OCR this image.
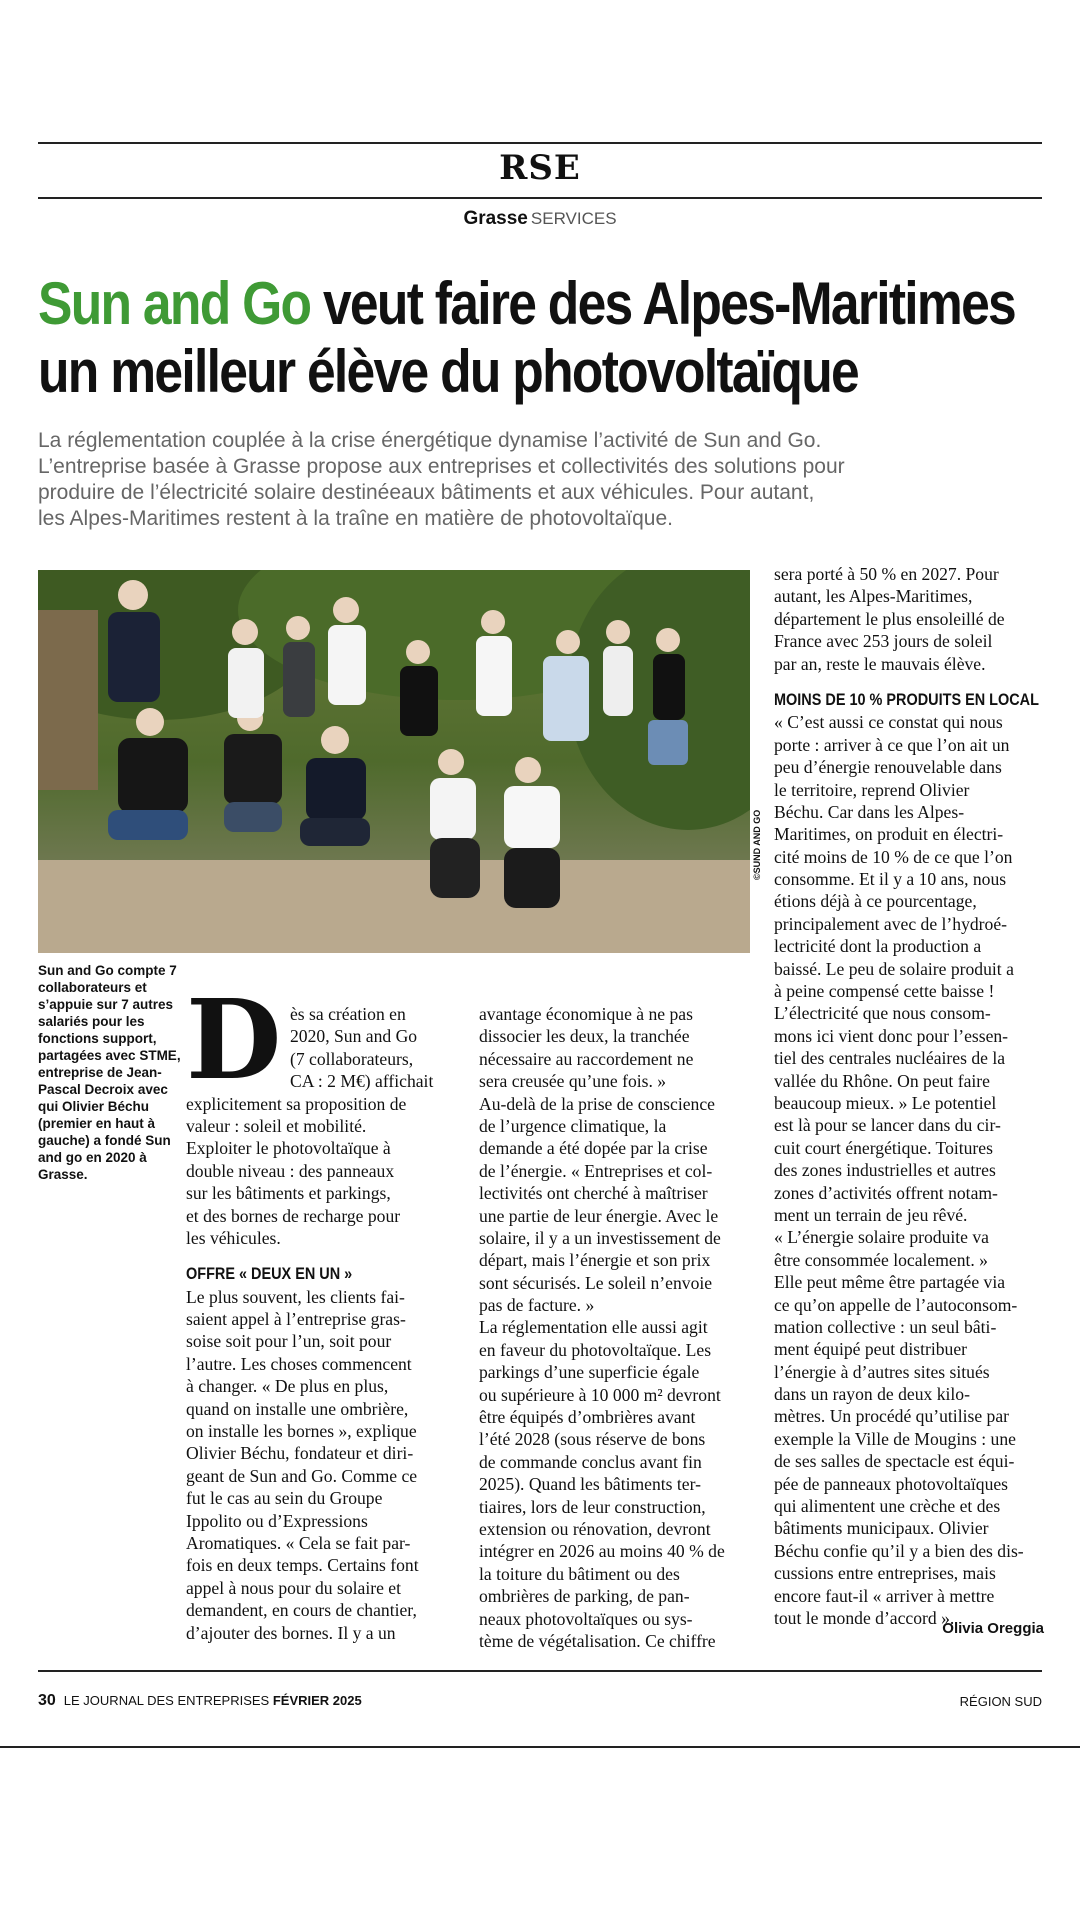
RSE
Grasse SERVICES
Sun and Go veut faire des Alpes-Maritimes
un meilleur élève du photovoltaïque
La réglementation couplée à la crise énergétique dynamise l’activité de Sun and Go.
L’entreprise basée à Grasse propose aux entreprises et collectivités des solutions pour
produire de l’électricité solaire destinéeaux bâtiments et aux véhicules. Pour autant,
les Alpes-Maritimes restent à la traîne en matière de photovoltaïque.
©SUND AND GO
Sun and Go compte 7 collaborateurs et s’appuie sur 7 autres salariés pour les fonctions support, partagées avec STME, entreprise de Jean-Pascal Decroix avec qui Olivier Béchu (premier en haut à gauche) a fondé Sun and go en 2020 à Grasse.
D ès sa création en
2020, Sun and Go
(7 collaborateurs,
CA : 2 M€) affichait
explicitement sa proposition de
valeur : soleil et mobilité.
Exploiter le photovoltaïque à
double niveau : des panneaux
sur les bâtiments et parkings,
et des bornes de recharge pour
les véhicules.
OFFRE « DEUX EN UN »
Le plus souvent, les clients fai-
saient appel à l’entreprise gras-
soise soit pour l’un, soit pour
l’autre. Les choses commencent
à changer. « De plus en plus,
quand on installe une ombrière,
on installe les bornes », explique
Olivier Béchu, fondateur et diri-
geant de Sun and Go. Comme ce
fut le cas au sein du Groupe
Ippolito ou d’Expressions
Aromatiques. « Cela se fait par-
fois en deux temps. Certains font
appel à nous pour du solaire et
demandent, en cours de chantier,
d’ajouter des bornes. Il y a un
avantage économique à ne pas
dissocier les deux, la tranchée
nécessaire au raccordement ne
sera creusée qu’une fois. »
Au-delà de la prise de conscience
de l’urgence climatique, la
demande a été dopée par la crise
de l’énergie. « Entreprises et col-
lectivités ont cherché à maîtriser
une partie de leur énergie. Avec le
solaire, il y a un investissement de
départ, mais l’énergie et son prix
sont sécurisés. Le soleil n’envoie
pas de facture. »
La réglementation elle aussi agit
en faveur du photovoltaïque. Les
parkings d’une superficie égale
ou supérieure à 10 000 m² devront
être équipés d’ombrières avant
l’été 2028 (sous réserve de bons
de commande conclus avant fin
2025). Quand les bâtiments ter-
tiaires, lors de leur construction,
extension ou rénovation, devront
intégrer en 2026 au moins 40 % de
la toiture du bâtiment ou des
ombrières de parking, de pan-
neaux photovoltaïques ou sys-
tème de végétalisation. Ce chiffre
sera porté à 50 % en 2027. Pour
autant, les Alpes-Maritimes,
département le plus ensoleillé de
France avec 253 jours de soleil
par an, reste le mauvais élève.
MOINS DE 10 % PRODUITS EN LOCAL
« C’est aussi ce constat qui nous
porte : arriver à ce que l’on ait un
peu d’énergie renouvelable dans
le territoire, reprend Olivier
Béchu. Car dans les Alpes-
Maritimes, on produit en électri-
cité moins de 10 % de ce que l’on
consomme. Et il y a 10 ans, nous
étions déjà à ce pourcentage,
principalement avec de l’hydroé-
lectricité dont la production a
baissé. Le peu de solaire produit a
à peine compensé cette baisse !
L’électricité que nous consom-
mons ici vient donc pour l’essen-
tiel des centrales nucléaires de la
vallée du Rhône. On peut faire
beaucoup mieux. » Le potentiel
est là pour se lancer dans du cir-
cuit court énergétique. Toitures
des zones industrielles et autres
zones d’activités offrent notam-
ment un terrain de jeu rêvé.
« L’énergie solaire produite va
être consommée localement. »
Elle peut même être partagée via
ce qu’on appelle de l’autoconsom-
mation collective : un seul bâti-
ment équipé peut distribuer
l’énergie à d’autres sites situés
dans un rayon de deux kilo-
mètres. Un procédé qu’utilise par
exemple la Ville de Mougins : une
de ses salles de spectacle est équi-
pée de panneaux photovoltaïques
qui alimentent une crèche et des
bâtiments municipaux. Olivier
Béchu confie qu’il y a bien des dis-
cussions entre entreprises, mais
encore faut-il « arriver à mettre
tout le monde d’accord ».
Olivia Oreggia
30 LE JOURNAL DES ENTREPRISES FÉVRIER 2025	RÉGION SUD
